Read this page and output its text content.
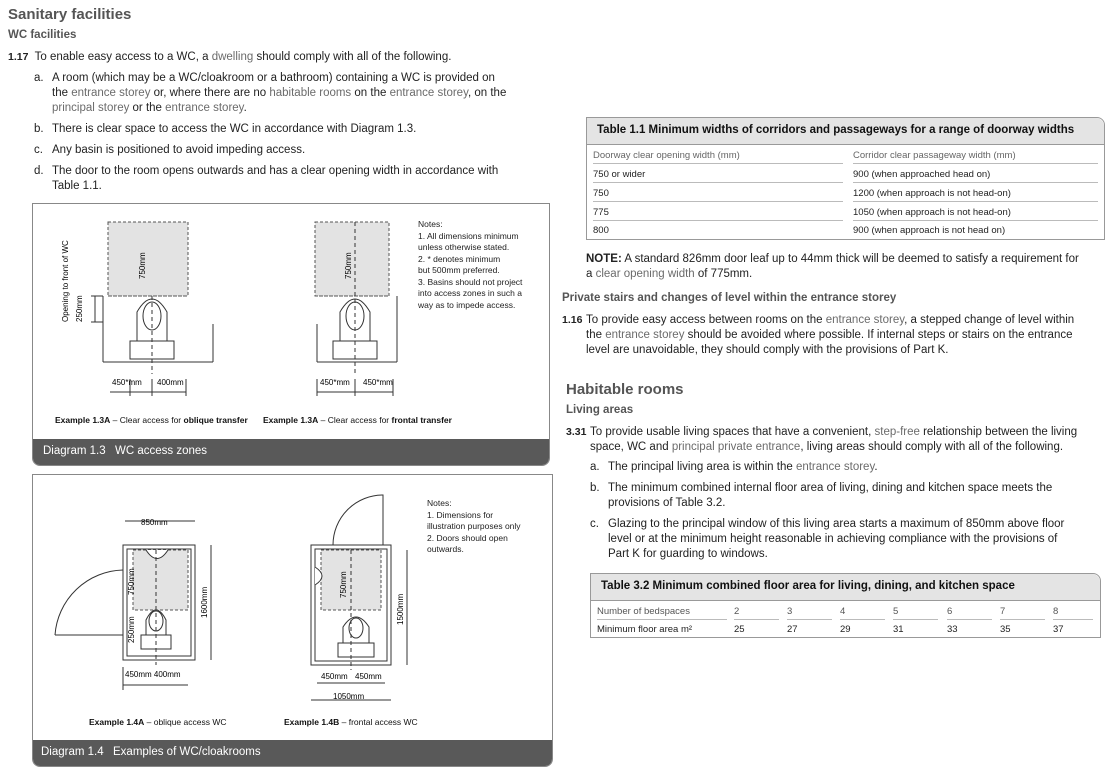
Sanitary facilities
WC facilities
1.17 To enable easy access to a WC, a dwelling should comply with all of the following.
a. A room (which may be a WC/cloakroom or a bathroom) containing a WC is provided on
the entrance storey or, where there are no habitable rooms on the entrance storey, on the
principal storey or the entrance storey.
b. There is clear space to access the WC in accordance with Diagram 1.3.
c. Any basin is positioned to avoid impeding access.
d. The door to the room opens outwards and has a clear opening width in accordance with
Table 1.1.
750mm	750mm
250mm
Opening to front of WC
450*mm 400mm	450*mm 450*mm
Notes:
1. All dimensions minimum
unless otherwise stated.
2. * denotes minimum
but 500mm preferred.
3. Basins should not project
into access zones in such a
way as to impede access.
Example 1.3A – Clear access for oblique transfer Example 1.3A – Clear access for frontal transfer
Diagram 1.3 WC access zones
850mm
1600mm
750mm
250mm
450mm 400mm
1500mm
750mm
450mm 450mm
1050mm
Notes:
1. Dimensions for
illustration purposes only
2. Doors should open
outwards.
Example 1.4A – oblique access WC	Example 1.4B – frontal access WC
Diagram 1.4 Examples of WC/cloakrooms
Table 1.1 Minimum widths of corridors and passageways for a range of doorway widths
Doorway clear opening width (mm)	Corridor clear passageway width (mm)
750 or wider	900 (when approached head on)
750	1200 (when approach is not head-on)
775	1050 (when approach is not head-on)
800	900 (when approach is not head on)
NOTE: A standard 826mm door leaf up to 44mm thick will be deemed to satisfy a requirement for
a clear opening width of 775mm.
Private stairs and changes of level within the entrance storey
1.16 To provide easy access between rooms on the entrance storey, a stepped change of level within
the entrance storey should be avoided where possible. If internal steps or stairs on the entrance
level are unavoidable, they should comply with the provisions of Part K.
Habitable rooms
Living areas
3.31 To provide usable living spaces that have a convenient, step-free relationship between the living
space, WC and principal private entrance, living areas should comply with all of the following.
a. The principal living area is within the entrance storey.
b. The minimum combined internal floor area of living, dining and kitchen space meets the
provisions of Table 3.2.
c. Glazing to the principal window of this living area starts a maximum of 850mm above floor
level or at the minimum height reasonable in achieving compliance with the provisions of
Part K for guarding to windows.
Table 3.2 Minimum combined floor area for living, dining, and kitchen space
Number of bedspaces	2	3	4	5	6	7	8
Minimum floor area m²	25	27	29	31	33	35	37
